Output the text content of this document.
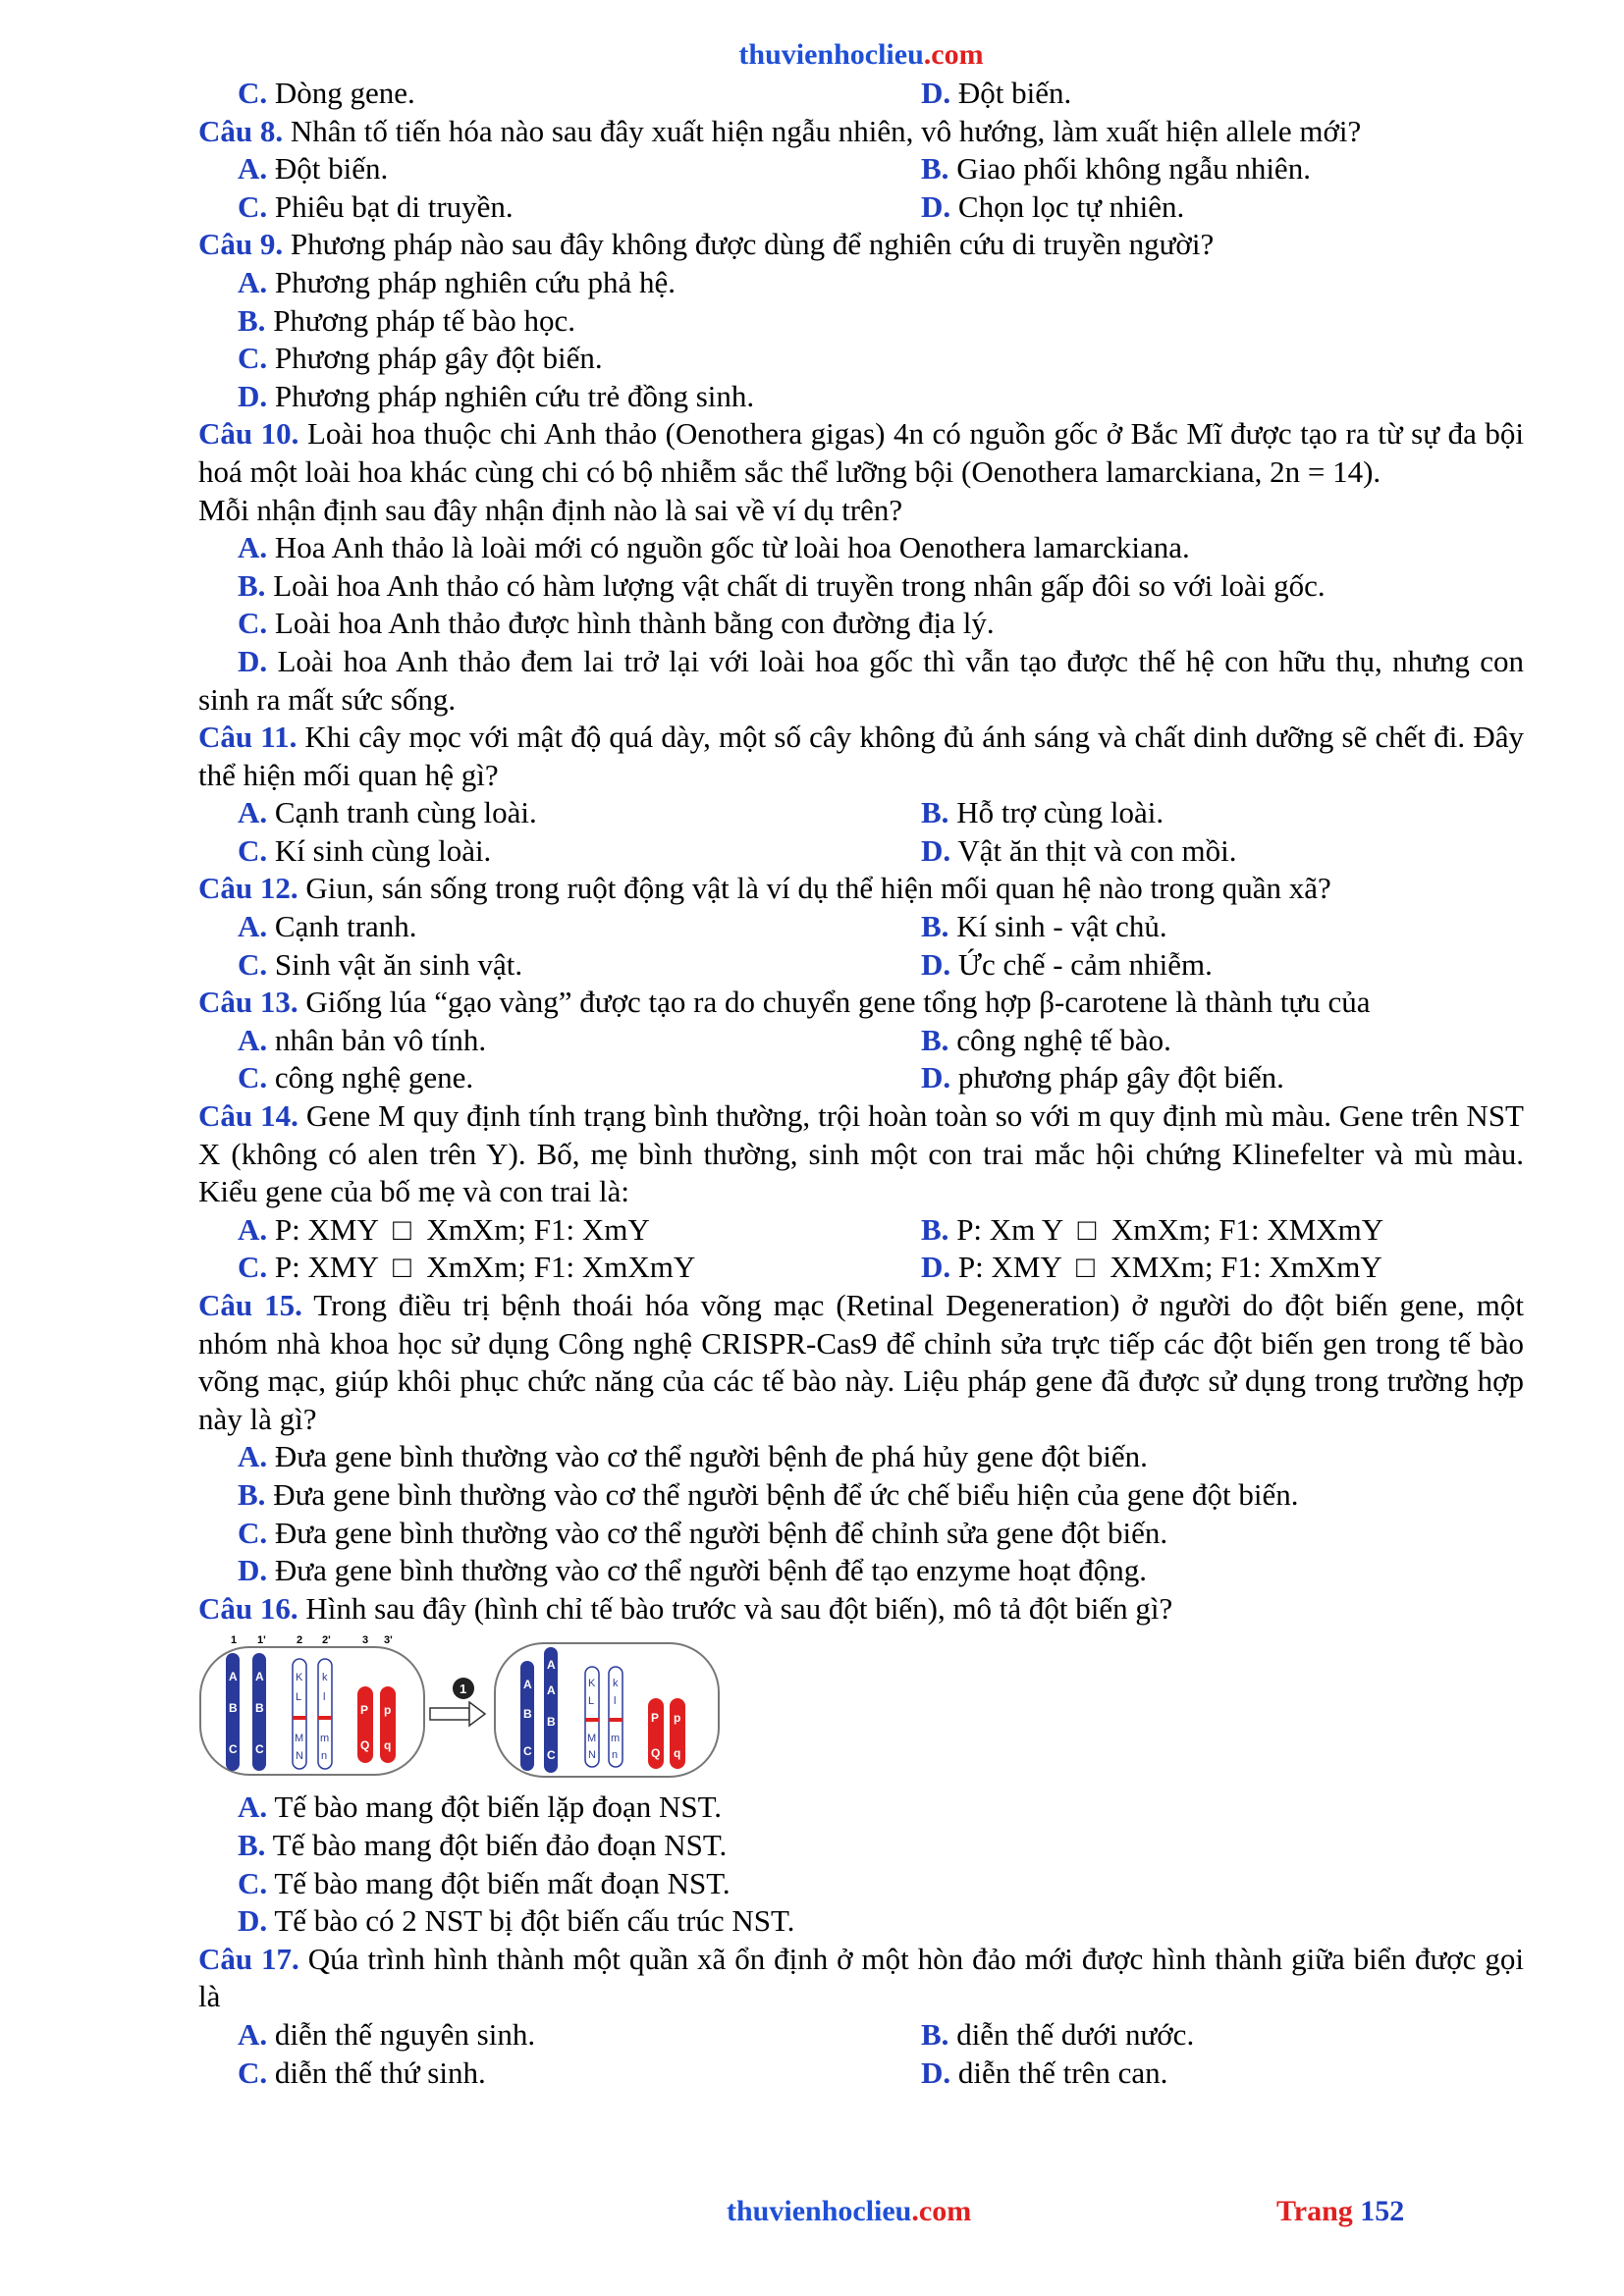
thuvienhoclieu.com
C. Dòng gene.	D. Đột biến.
Câu 8. Nhân tố tiến hóa nào sau đây xuất hiện ngẫu nhiên, vô hướng, làm xuất hiện allele mới?
A. Đột biến.	B. Giao phối không ngẫu nhiên.
C. Phiêu bạt di truyền.	D. Chọn lọc tự nhiên.
Câu 9. Phương pháp nào sau đây không được dùng để nghiên cứu di truyền người?
A. Phương pháp nghiên cứu phả hệ.
B. Phương pháp tế bào học.
C. Phương pháp gây đột biến.
D. Phương pháp nghiên cứu trẻ đồng sinh.
Câu 10. Loài hoa thuộc chi Anh thảo (Oenothera gigas) 4n có nguồn gốc ở Bắc Mĩ được tạo ra từ sự đa bội hoá một loài hoa khác cùng chi có bộ nhiễm sắc thể lưỡng bội (Oenothera lamarckiana, 2n = 14).
Mỗi nhận định sau đây nhận định nào là sai về ví dụ trên?
A. Hoa Anh thảo là loài mới có nguồn gốc từ loài hoa Oenothera lamarckiana.
B. Loài hoa Anh thảo có hàm lượng vật chất di truyền trong nhân gấp đôi so với loài gốc.
C. Loài hoa Anh thảo được hình thành bằng con đường địa lý.
D. Loài hoa Anh thảo đem lai trở lại với loài hoa gốc thì vẫn tạo được thế hệ con hữu thụ, nhưng con sinh ra mất sức sống.
Câu 11. Khi cây mọc với mật độ quá dày, một số cây không đủ ánh sáng và chất dinh dưỡng sẽ chết đi. Đây thể hiện mối quan hệ gì?
A. Cạnh tranh cùng loài.	B. Hỗ trợ cùng loài.
C. Kí sinh cùng loài.	D. Vật ăn thịt và con mồi.
Câu 12. Giun, sán sống trong ruột động vật là ví dụ thể hiện mối quan hệ nào trong quần xã?
A. Cạnh tranh.	B. Kí sinh - vật chủ.
C. Sinh vật ăn sinh vật.	D. Ức chế - cảm nhiễm.
Câu 13. Giống lúa “gạo vàng” được tạo ra do chuyển gene tổng hợp β-carotene là thành tựu của
A. nhân bản vô tính.	B. công nghệ tế bào.
C. công nghệ gene.	D. phương pháp gây đột biến.
Câu 14. Gene M quy định tính trạng bình thường, trội hoàn toàn so với m quy định mù màu. Gene trên NST X (không có alen trên Y). Bố, mẹ bình thường, sinh một con trai mắc hội chứng Klinefelter và mù màu. Kiểu gene của bố mẹ và con trai là:
A. P: XMY  □  XmXm; F1: XmY	B. P: Xm Y  □  XmXm; F1: XMXmY
C. P: XMY  □  XmXm; F1: XmXmY	D. P: XMY  □  XMXm; F1: XmXmY
Câu 15. Trong điều trị bệnh thoái hóa võng mạc (Retinal Degeneration) ở người do đột biến gene, một nhóm nhà khoa học sử dụng Công nghệ CRISPR-Cas9 để chỉnh sửa trực tiếp các đột biến gen trong tế bào võng mạc, giúp khôi phục chức năng của các tế bào này. Liệu pháp gene đã được sử dụng trong trường hợp này là gì?
A. Đưa gene bình thường vào cơ thể người bệnh đe phá hủy gene đột biến.
B. Đưa gene bình thường vào cơ thể người bệnh để ức chế biểu hiện của gene đột biến.
C. Đưa gene bình thường vào cơ thể người bệnh để chỉnh sửa gene đột biến.
D. Đưa gene bình thường vào cơ thể người bệnh để tạo enzyme hoạt động.
Câu 16. Hình sau đây (hình chỉ tế bào trước và sau đột biến), mô tả đột biến gì?
1 1'	2 2'	3 3'
A
B
C
A
B
C
K
L
M
N
k
l
m
n
P
Q
p
q
1	A
B
C
A
A
B
C
K
L
M
N
k
l
m
n
P
Q
p
q
A. Tế bào mang đột biến lặp đoạn NST.
B. Tế bào mang đột biến đảo đoạn NST.
C. Tế bào mang đột biến mất đoạn NST.
D. Tế bào có 2 NST bị đột biến cấu trúc NST.
Câu 17. Qúa trình hình thành một quần xã ổn định ở một hòn đảo mới được hình thành giữa biển được gọi là
A. diễn thế nguyên sinh.	B. diễn thế dưới nước.
C. diễn thế thứ sinh.	D. diễn thế trên can.
thuvienhoclieu.com	Trang 152
